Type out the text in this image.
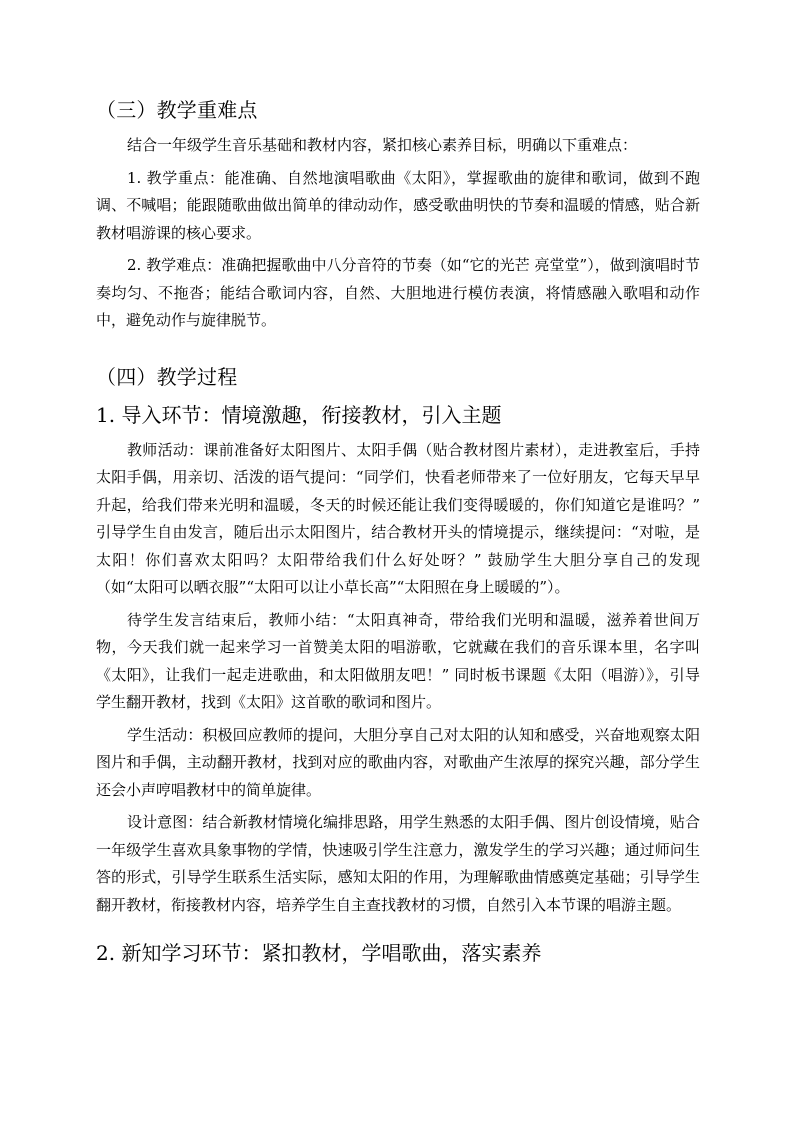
（三）教学重难点

结合一年级学生音乐基础和教材内容，紧扣核心素养目标，明确以下重难点：

1. 教学重点：能准确、自然地演唱歌曲《太阳》，掌握歌曲的旋律和歌词，做到不跑调、不喊唱；能跟随歌曲做出简单的律动动作，感受歌曲明快的节奏和温暖的情感，贴合新教材唱游课的核心要求。

2. 教学难点：准确把握歌曲中八分音符的节奏（如“它的光芒 亮堂堂”），做到演唱时节奏均匀、不拖沓；能结合歌词内容，自然、大胆地进行模仿表演，将情感融入歌唱和动作中，避免动作与旋律脱节。

（四）教学过程
1. 导入环节：情境激趣，衔接教材，引入主题

教师活动：课前准备好太阳图片、太阳手偶（贴合教材图片素材），走进教室后，手持太阳手偶，用亲切、活泼的语气提问：“同学们，快看老师带来了一位好朋友，它每天早早升起，给我们带来光明和温暖，冬天的时候还能让我们变得暖暖的，你们知道它是谁吗？” 引导学生自由发言，随后出示太阳图片，结合教材开头的情境提示，继续提问：“对啦，是太阳！你们喜欢太阳吗？太阳带给我们什么好处呀？” 鼓励学生大胆分享自己的发现（如“太阳可以晒衣服”“太阳可以让小草长高”“太阳照在身上暖暖的”）。

待学生发言结束后，教师小结：“太阳真神奇，带给我们光明和温暖，滋养着世间万物，今天我们就一起来学习一首赞美太阳的唱游歌，它就藏在我们的音乐课本里，名字叫《太阳》，让我们一起走进歌曲，和太阳做朋友吧！” 同时板书课题《太阳（唱游）》，引导学生翻开教材，找到《太阳》这首歌的歌词和图片。

学生活动：积极回应教师的提问，大胆分享自己对太阳的认知和感受，兴奋地观察太阳图片和手偶，主动翻开教材，找到对应的歌曲内容，对歌曲产生浓厚的探究兴趣，部分学生还会小声哼唱教材中的简单旋律。

设计意图：结合新教材情境化编排思路，用学生熟悉的太阳手偶、图片创设情境，贴合一年级学生喜欢具象事物的学情，快速吸引学生注意力，激发学生的学习兴趣；通过师问生答的形式，引导学生联系生活实际，感知太阳的作用，为理解歌曲情感奠定基础；引导学生翻开教材，衔接教材内容，培养学生自主查找教材的习惯，自然引入本节课的唱游主题。

2. 新知学习环节：紧扣教材，学唱歌曲，落实素养
